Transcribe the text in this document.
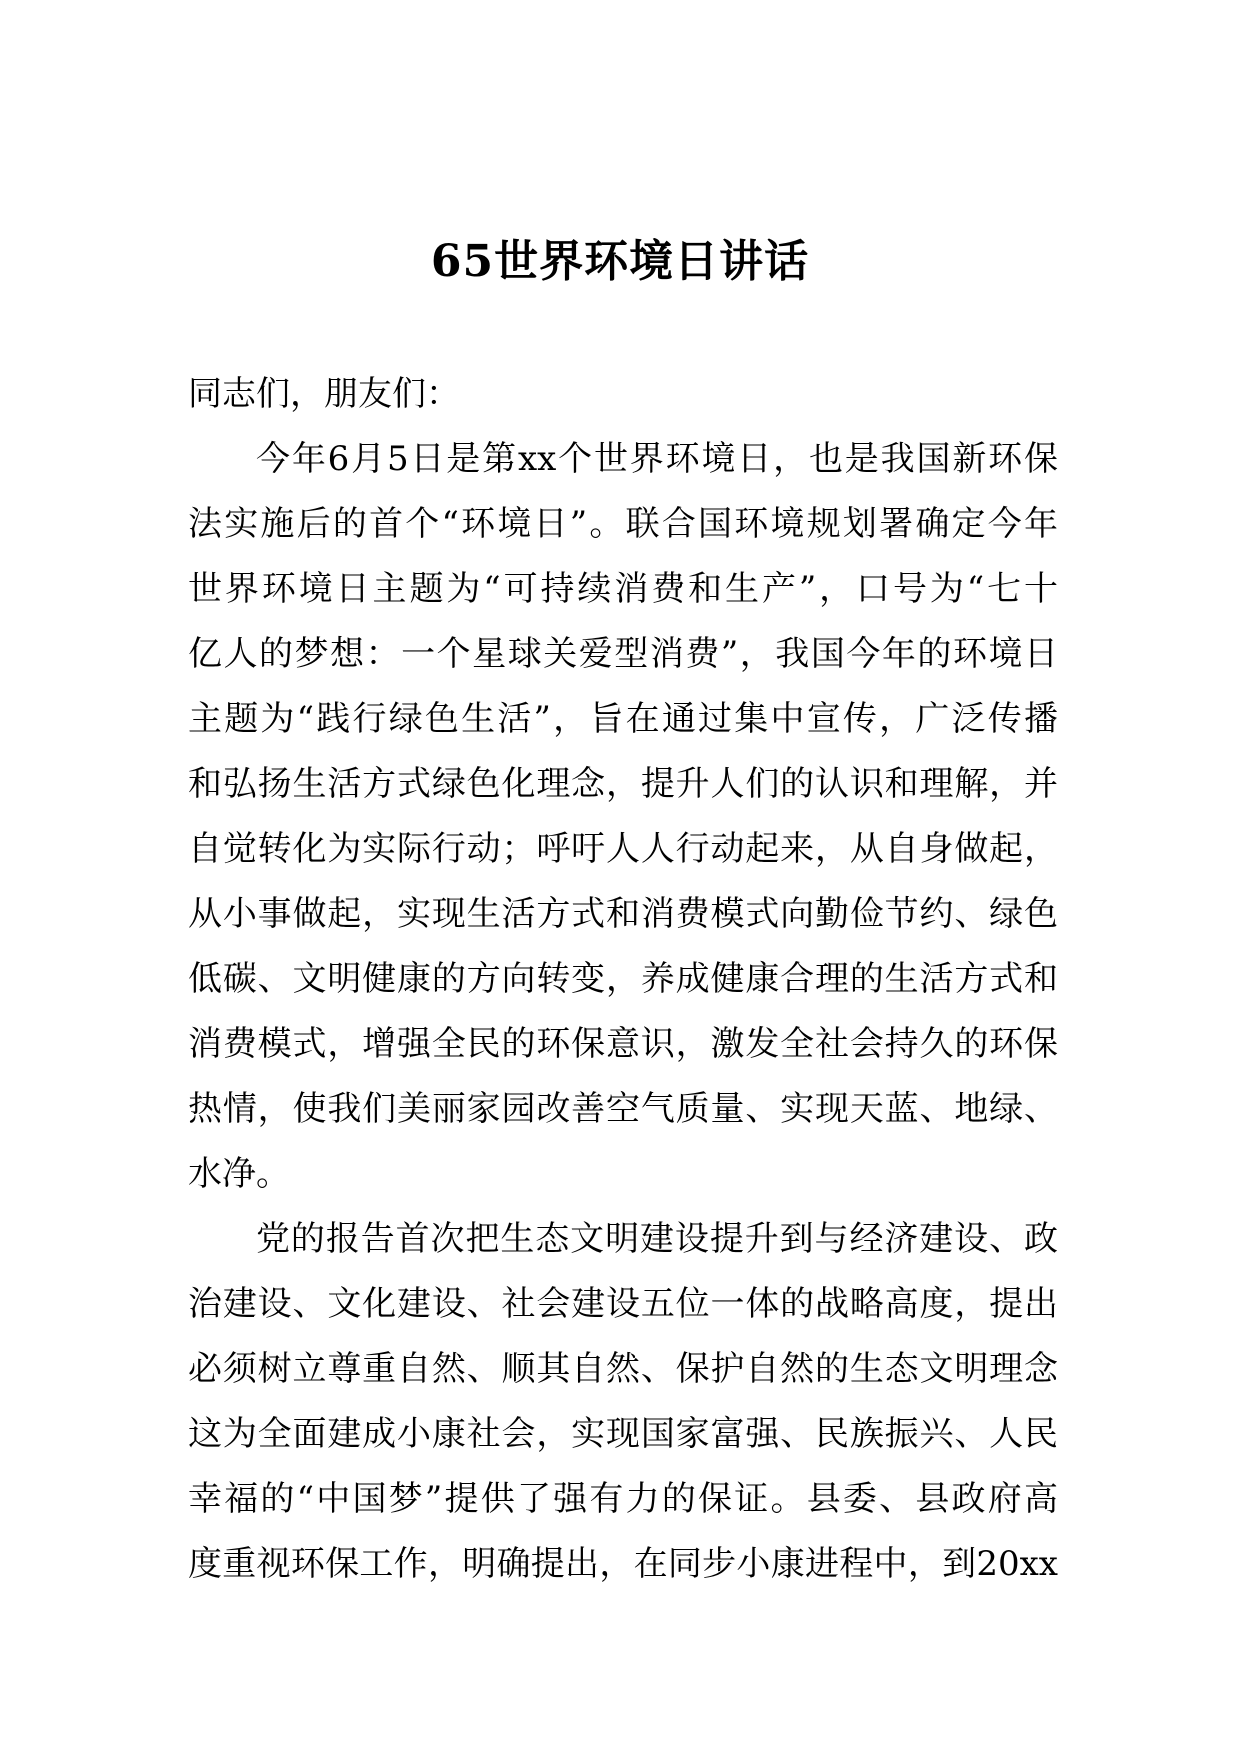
65世界环境日讲话
同志们，朋友们：
今年6月5日是第xx个世界环境日，也是我国新环保
法实施后的首个“环境日”。联合国环境规划署确定今年
世界环境日主题为“可持续消费和生产”，口号为“七十
亿人的梦想：一个星球关爱型消费”，我国今年的环境日
主题为“践行绿色生活”，旨在通过集中宣传，广泛传播
和弘扬生活方式绿色化理念，提升人们的认识和理解，并
自觉转化为实际行动；呼吁人人行动起来，从自身做起，
从小事做起，实现生活方式和消费模式向勤俭节约、绿色
低碳、文明健康的方向转变，养成健康合理的生活方式和
消费模式，增强全民的环保意识，激发全社会持久的环保
热情，使我们美丽家园改善空气质量、实现天蓝、地绿、
水净。
党的报告首次把生态文明建设提升到与经济建设、政
治建设、文化建设、社会建设五位一体的战略高度，提出
必须树立尊重自然、顺其自然、保护自然的生态文明理念
这为全面建成小康社会，实现国家富强、民族振兴、人民
幸福的“中国梦”提供了强有力的保证。县委、县政府高
度重视环保工作，明确提出，在同步小康进程中，到20xx
